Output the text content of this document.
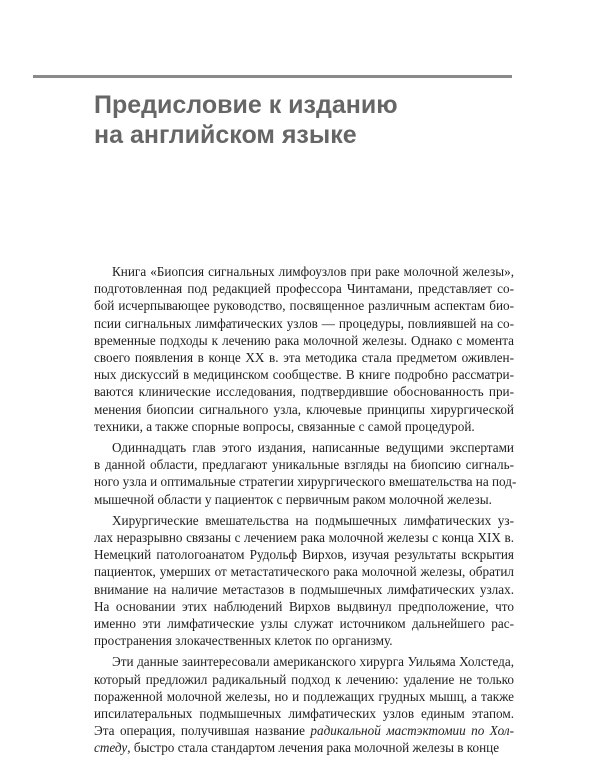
Предисловие к изданию
на английском языке
Книга «Биопсия сигнальных лимфоузлов при раке молочной железы»,
подготовленная под редакцией профессора Чинтамани, представляет со-
бой исчерпывающее руководство, посвященное различным аспектам био-
псии сигнальных лимфатических узлов — процедуры, повлиявшей на со-
временные подходы к лечению рака молочной железы. Однако с момента
своего появления в конце XX в. эта методика стала предметом оживлен-
ных дискуссий в медицинском сообществе. В книге подробно рассматри-
ваются клинические исследования, подтвердившие обоснованность при-
менения биопсии сигнального узла, ключевые принципы хирургической
техники, а также спорные вопросы, связанные с самой процедурой.
Одиннадцать глав этого издания, написанные ведущими экспертами
в данной области, предлагают уникальные взгляды на биопсию сигналь-
ного узла и оптимальные стратегии хирургического вмешательства на под-
мышечной области у пациенток с первичным раком молочной железы.
Хирургические вмешательства на подмышечных лимфатических уз-
лах неразрывно связаны с лечением рака молочной железы с конца XIX в.
Немецкий патологоанатом Рудольф Вирхов, изучая результаты вскрытия
пациенток, умерших от метастатического рака молочной железы, обратил
внимание на наличие метастазов в подмышечных лимфатических узлах.
На основании этих наблюдений Вирхов выдвинул предположение, что
именно эти лимфатические узлы служат источником дальнейшего рас-
пространения злокачественных клеток по организму.
Эти данные заинтересовали американского хирурга Уильяма Холстеда,
который предложил радикальный подход к лечению: удаление не только
пораженной молочной железы, но и подлежащих грудных мышц, а также
ипсилатеральных подмышечных лимфатических узлов единым этапом.
Эта операция, получившая название радикальной мастэктомии по Хол-
стеду, быстро стала стандартом лечения рака молочной железы в конце
